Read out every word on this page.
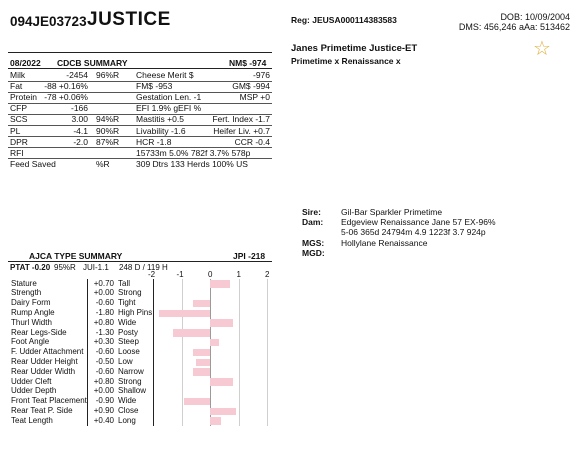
094JE03723 JUSTICE	Reg: JEUSA000114383583	DOB: 10/09/2004
DMS: 456,246 aAa: 513462
Janes Primetime Justice-ET
Primetime x Renaissance x
☆
08/2022 CDCB SUMMARY	NM$ -974
Milk	-2454 96%R Cheese Merit $	-976
Fat	-88 +0.16%	FM$ -953	GM$ -994
Protein -78 +0.06%	Gestation Len. -1	MSP +0
CFP	-166	EFI 1.9% gEFI %
SCS	3.00 94%R Mastitis +0.5	Fert. Index -1.7
PL	-4.1 90%R Livability -1.6	Heifer Liv. +0.7
DPR	-2.0 87%R HCR -1.8	CCR -0.4
RFI	15733m 5.0% 782f 3.7% 578p
Feed Saved	%R	309 Dtrs 133 Herds 100% US
Sire: Gil-Bar Sparkler Primetime
Dam: Edgeview Renaissance Jane 57 EX-96%
5-06 365d 24794m 4.9 1223f 3.7 924p
MGS: Hollylane Renaissance
MGD:
AJCA TYPE SUMMARY	JPI -218
PTAT -0.20 95%R JUI-1.1 248 D / 119 H
-2	-1	0	1	2
Stature	+0.70 Tall
Strength	+0.00 Strong
Dairy Form	-0.60 Tight
Rump Angle	-1.80 High Pins
Thurl Width	+0.80 Wide
Rear Legs-Side	-1.30 Posty
Foot Angle	+0.30 Steep
F. Udder Attachment -0.60 Loose
Rear Udder Height -0.50 Low
Rear Udder Width	-0.60 Narrow
Udder Cleft	+0.80 Strong
Udder Depth	+0.00 Shallow
Front Teat Placement -0.90 Wide
Rear Teat P. Side	+0.90 Close
Teat Length	+0.40 Long
